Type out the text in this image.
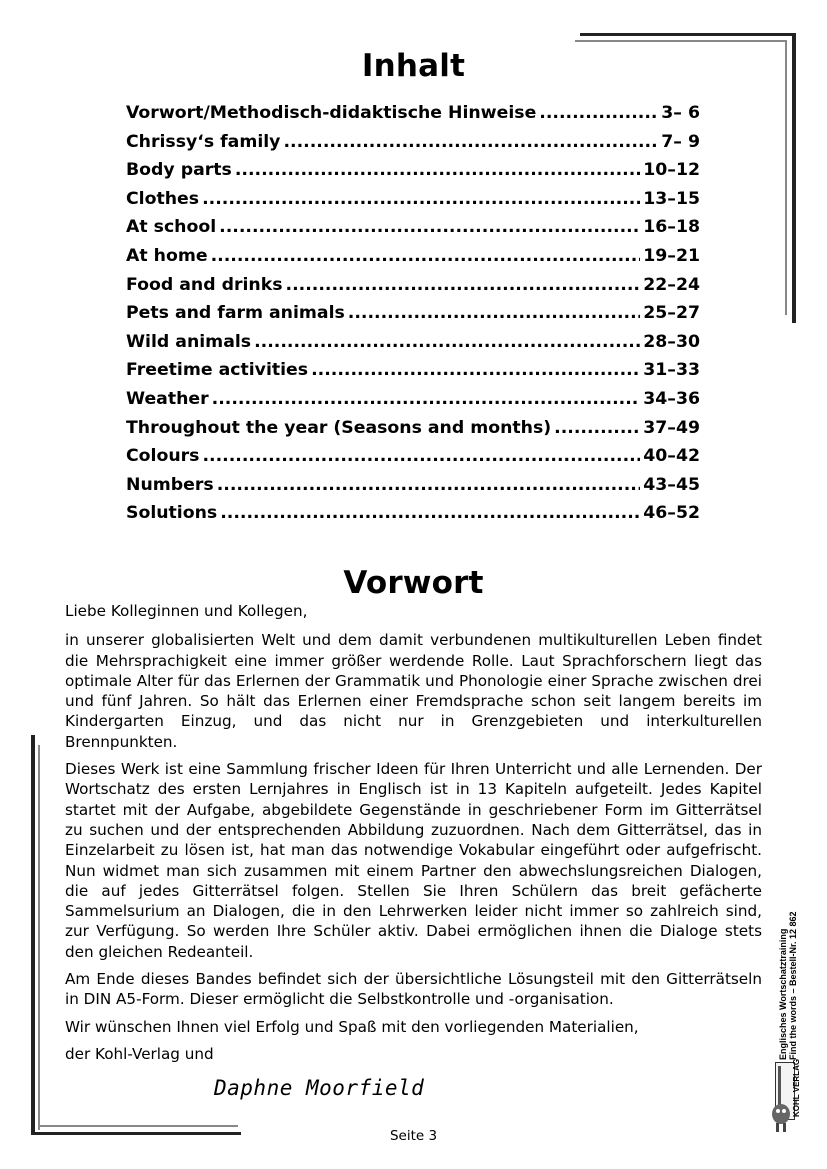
Inhalt
Vorwort/Methodisch-didaktische Hinweise .....	3– 6
Chrissy‘s family .....	7– 9
Body parts .....	10–12
Clothes .....	13–15
At school .....	16–18
At home .....	19–21
Food and drinks .....	22–24
Pets and farm animals .....	25–27
Wild animals .....	28–30
Freetime activities .....	31–33
Weather .....	34–36
Throughout the year (Seasons and months) .....	37–49
Colours .....	40–42
Numbers .....	43–45
Solutions .....	46–52
Vorwort

Liebe Kolleginnen und Kollegen,

in unserer globalisierten Welt und dem damit verbundenen multikulturellen Leben findet die Mehrsprachigkeit eine immer größer werdende Rolle. Laut Sprachforschern liegt das optimale Alter für das Erlernen der Grammatik und Phonologie einer Sprache zwischen drei und fünf Jahren. So hält das Erlernen einer Fremdsprache schon seit langem bereits im Kindergarten Einzug, und das nicht nur in Grenzgebieten und interkulturellen Brennpunkten.

Dieses Werk ist eine Sammlung frischer Ideen für Ihren Unterricht und alle Lernenden. Der Wortschatz des ersten Lernjahres in Englisch ist in 13 Kapiteln aufgeteilt. Jedes Kapitel startet mit der Aufgabe, abgebildete Gegenstände in geschriebener Form im Gitterrätsel zu suchen und der entsprechenden Abbildung zuzuordnen. Nach dem Gitterrätsel, das in Einzelarbeit zu lösen ist, hat man das notwendige Vokabular eingeführt oder aufgefrischt. Nun widmet man sich zusammen mit einem Partner den abwechslungsreichen Dialogen, die auf jedes Gitterrätsel folgen. Stellen Sie Ihren Schülern das breit gefächerte Sammelsurium an Dialogen, die in den Lehrwerken leider nicht immer so zahlreich sind, zur Verfügung. So werden Ihre Schüler aktiv. Dabei ermöglichen ihnen die Dialoge stets den gleichen Redeanteil.

Am Ende dieses Bandes befindet sich der übersichtliche Lösungsteil mit den Gitterrätseln in DIN A5-Form. Dieser ermöglicht die Selbstkontrolle und -organisation.

Wir wünschen Ihnen viel Erfolg und Spaß mit den vorliegenden Materialien,

der Kohl-Verlag und

Daphne Moorfield
Seite 3
Englisches Wortschatztraining Find the words – Bestell-Nr. 12 862
KOHL VERLAG
